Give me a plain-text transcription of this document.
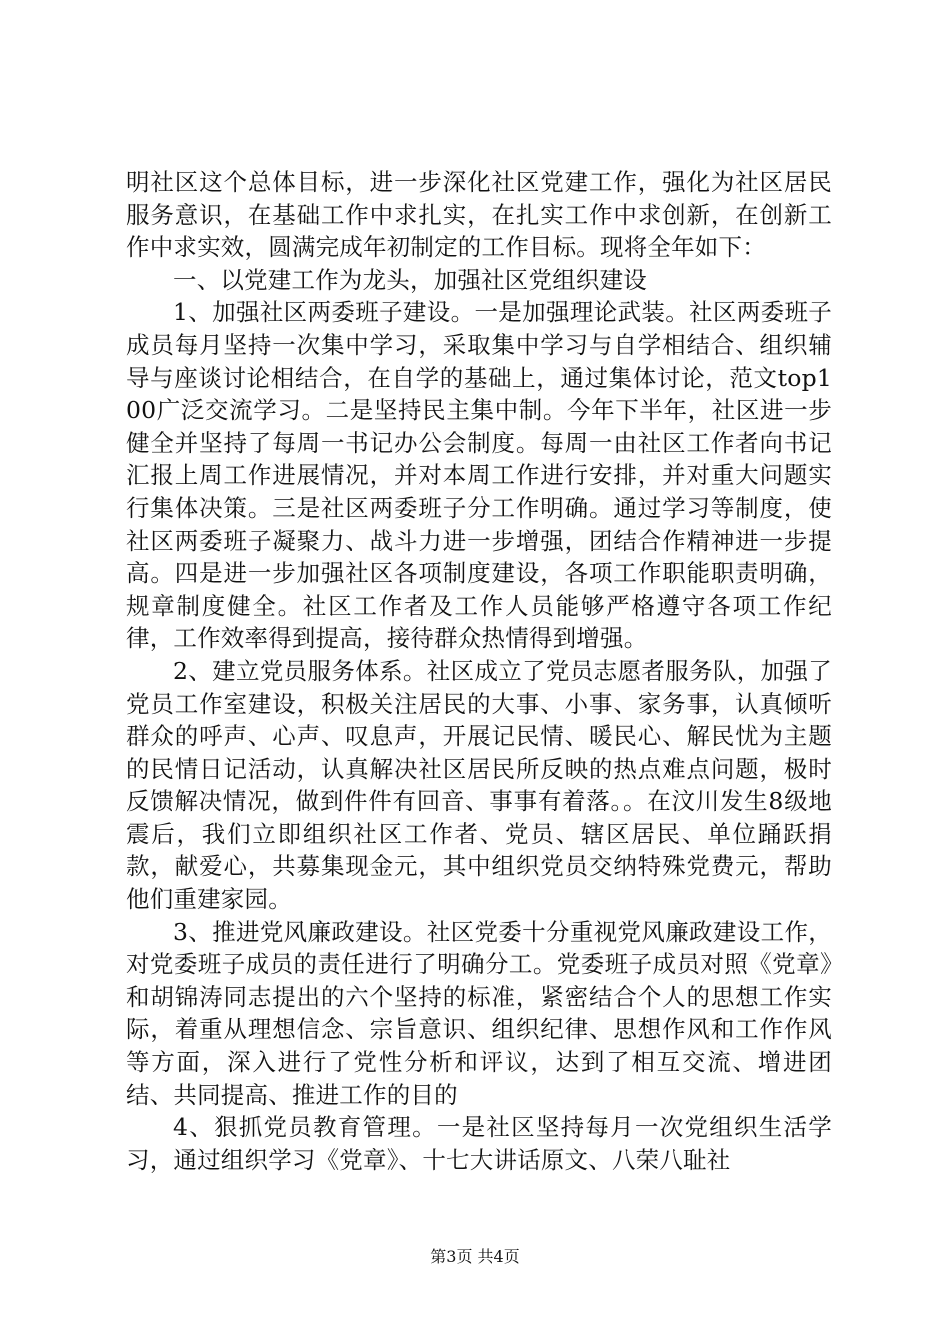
明社区这个总体目标，进一步深化社区党建工作，强化为社区居民服务意识，在基础工作中求扎实，在扎实工作中求创新，在创新工作中求实效，圆满完成年初制定的工作目标。现将全年如下：

一、以党建工作为龙头，加强社区党组织建设

1、加强社区两委班子建设。一是加强理论武装。社区两委班子成员每月坚持一次集中学习，采取集中学习与自学相结合、组织辅导与座谈讨论相结合，在自学的基础上，通过集体讨论，范文top100广泛交流学习。二是坚持民主集中制。今年下半年，社区进一步健全并坚持了每周一书记办公会制度。每周一由社区工作者向书记汇报上周工作进展情况，并对本周工作进行安排，并对重大问题实行集体决策。三是社区两委班子分工作明确。通过学习等制度，使社区两委班子凝聚力、战斗力进一步增强，团结合作精神进一步提高。四是进一步加强社区各项制度建设，各项工作职能职责明确，规章制度健全。社区工作者及工作人员能够严格遵守各项工作纪律，工作效率得到提高，接待群众热情得到增强。

2、建立党员服务体系。社区成立了党员志愿者服务队，加强了党员工作室建设，积极关注居民的大事、小事、家务事，认真倾听群众的呼声、心声、叹息声，开展记民情、暖民心、解民忧为主题的民情日记活动，认真解决社区居民所反映的热点难点问题，极时反馈解决情况，做到件件有回音、事事有着落。。在汶川发生8级地震后，我们立即组织社区工作者、党员、辖区居民、单位踊跃捐款，献爱心，共募集现金元，其中组织党员交纳特殊党费元，帮助他们重建家园。

3、推进党风廉政建设。社区党委十分重视党风廉政建设工作，对党委班子成员的责任进行了明确分工。党委班子成员对照《党章》和胡锦涛同志提出的六个坚持的标准，紧密结合个人的思想工作实际，着重从理想信念、宗旨意识、组织纪律、思想作风和工作作风等方面，深入进行了党性分析和评议，达到了相互交流、增进团结、共同提高、推进工作的目的

4、狠抓党员教育管理。一是社区坚持每月一次党组织生活学习，通过组织学习《党章》、十七大讲话原文、八荣八耻社

第3页 共4页
